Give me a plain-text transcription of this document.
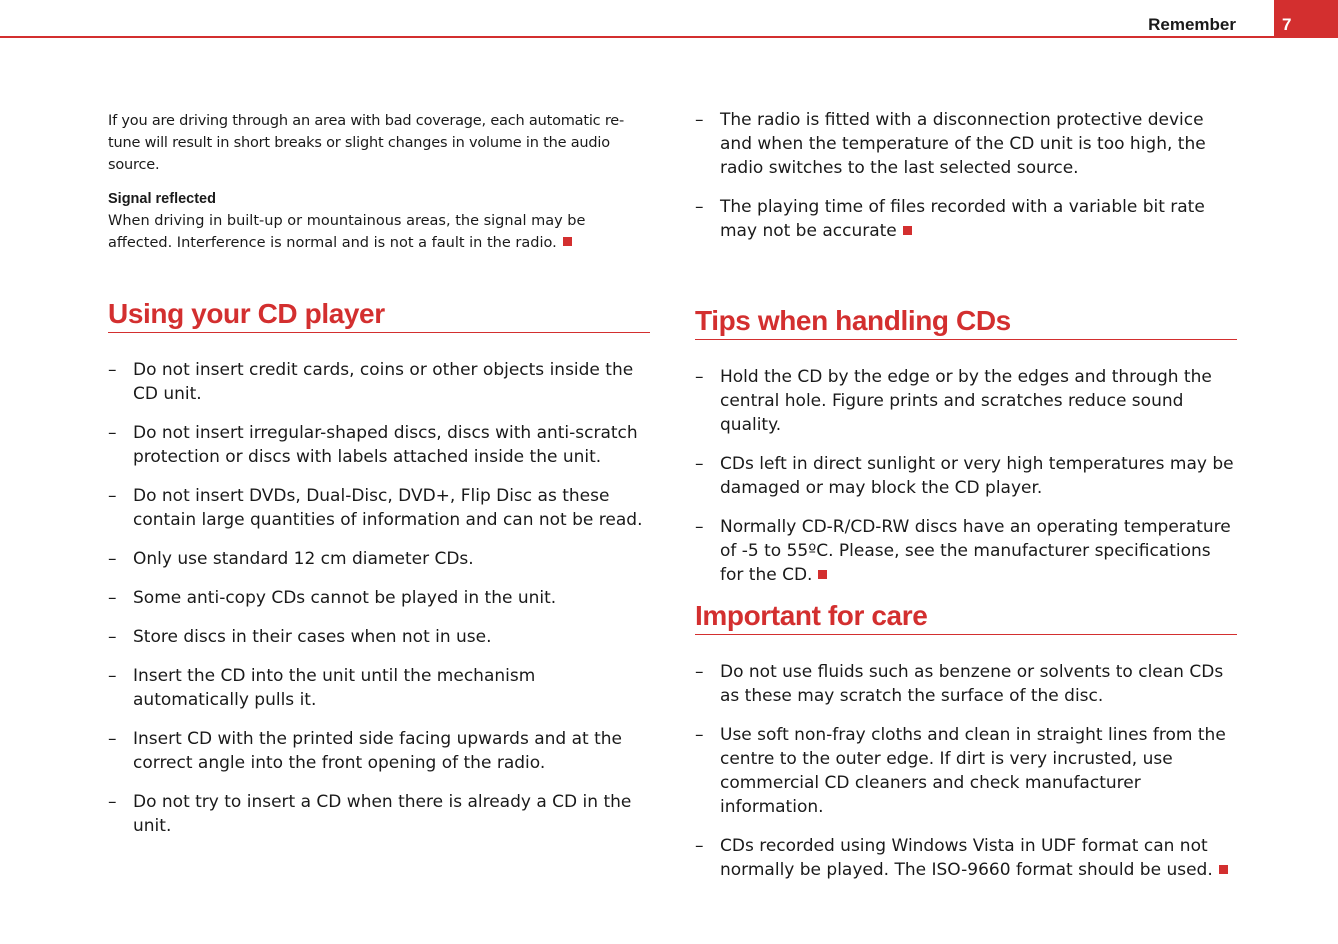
Remember	7

If you are driving through an area with bad coverage, each automatic re-tune will result in short breaks or slight changes in volume in the audio source.

Signal reflected

When driving in built-up or mountainous areas, the signal may be affected. Interference is normal and is not a fault in the radio.

Using your CD player
– Do not insert credit cards, coins or other objects inside the CD unit.
– Do not insert irregular-shaped discs, discs with anti-scratch protection or discs with labels attached inside the unit.
– Do not insert DVDs, Dual-Disc, DVD+, Flip Disc as these contain large quantities of information and can not be read.
– Only use standard 12 cm diameter CDs.
– Some anti-copy CDs cannot be played in the unit.
– Store discs in their cases when not in use.
– Insert the CD into the unit until the mechanism automatically pulls it.
– Insert CD with the printed side facing upwards and at the correct angle into the front opening of the radio.
– Do not try to insert a CD when there is already a CD in the unit.
– The radio is fitted with a disconnection protective device and when the temperature of the CD unit is too high, the radio switches to the last selected source.
– The playing time of files recorded with a variable bit rate may not be accurate
Tips when handling CDs
– Hold the CD by the edge or by the edges and through the central hole. Figure prints and scratches reduce sound quality.
– CDs left in direct sunlight or very high temperatures may be damaged or may block the CD player.
– Normally CD-R/CD-RW discs have an operating temperature of -5 to 55ºC. Please, see the manufacturer specifications for the CD.
Important for care
– Do not use fluids such as benzene or solvents to clean CDs as these may scratch the surface of the disc.
– Use soft non-fray cloths and clean in straight lines from the centre to the outer edge. If dirt is very incrusted, use commercial CD cleaners and check manufacturer information.
– CDs recorded using Windows Vista in UDF format can not normally be played. The ISO-9660 format should be used.
